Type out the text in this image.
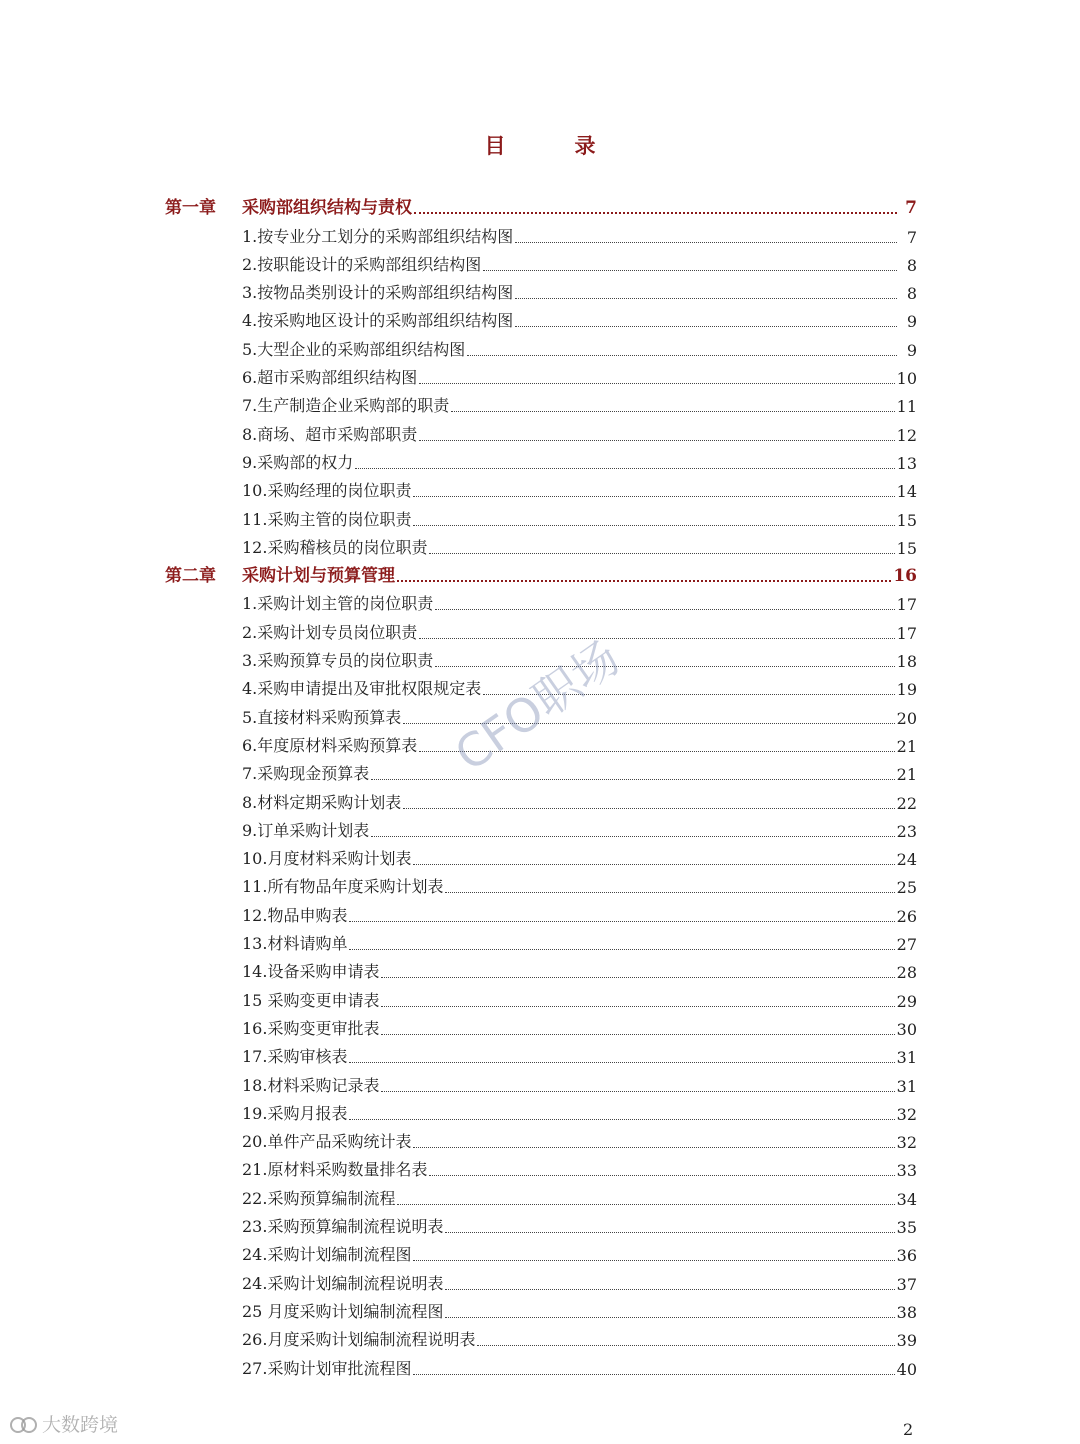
目　录
第一章 采购部组织结构与责权	7
1.按专业分工划分的采购部组织结构图	7
2.按职能设计的采购部组织结构图	8
3.按物品类别设计的采购部组织结构图	8
4.按采购地区设计的采购部组织结构图	9
5.大型企业的采购部组织结构图	9
6.超市采购部组织结构图	10
7.生产制造企业采购部的职责	11
8.商场、超市采购部职责	12
9.采购部的权力	13
10.采购经理的岗位职责	14
11.采购主管的岗位职责	15
12.采购稽核员的岗位职责	15
第二章 采购计划与预算管理	16
1.采购计划主管的岗位职责	17
2.采购计划专员岗位职责	17
3.采购预算专员的岗位职责	18
4.采购申请提出及审批权限规定表	19
5.直接材料采购预算表	20
6.年度原材料采购预算表	21
7.采购现金预算表	21
8.材料定期采购计划表	22
9.订单采购计划表	23
10.月度材料采购计划表	24
11.所有物品年度采购计划表	25
12.物品申购表	26
13.材料请购单	27
14.设备采购申请表	28
15 采购变更申请表	29
16.采购变更审批表	30
17.采购审核表	31
18.材料采购记录表	31
19.采购月报表	32
20.单件产品采购统计表	32
21.原材料采购数量排名表	33
22.采购预算编制流程	34
23.采购预算编制流程说明表	35
24.采购计划编制流程图	36
24.采购计划编制流程说明表	37
25 月度采购计划编制流程图	38
26.月度采购计划编制流程说明表	39
27.采购计划审批流程图	40
CFO职场
大数跨境	2
